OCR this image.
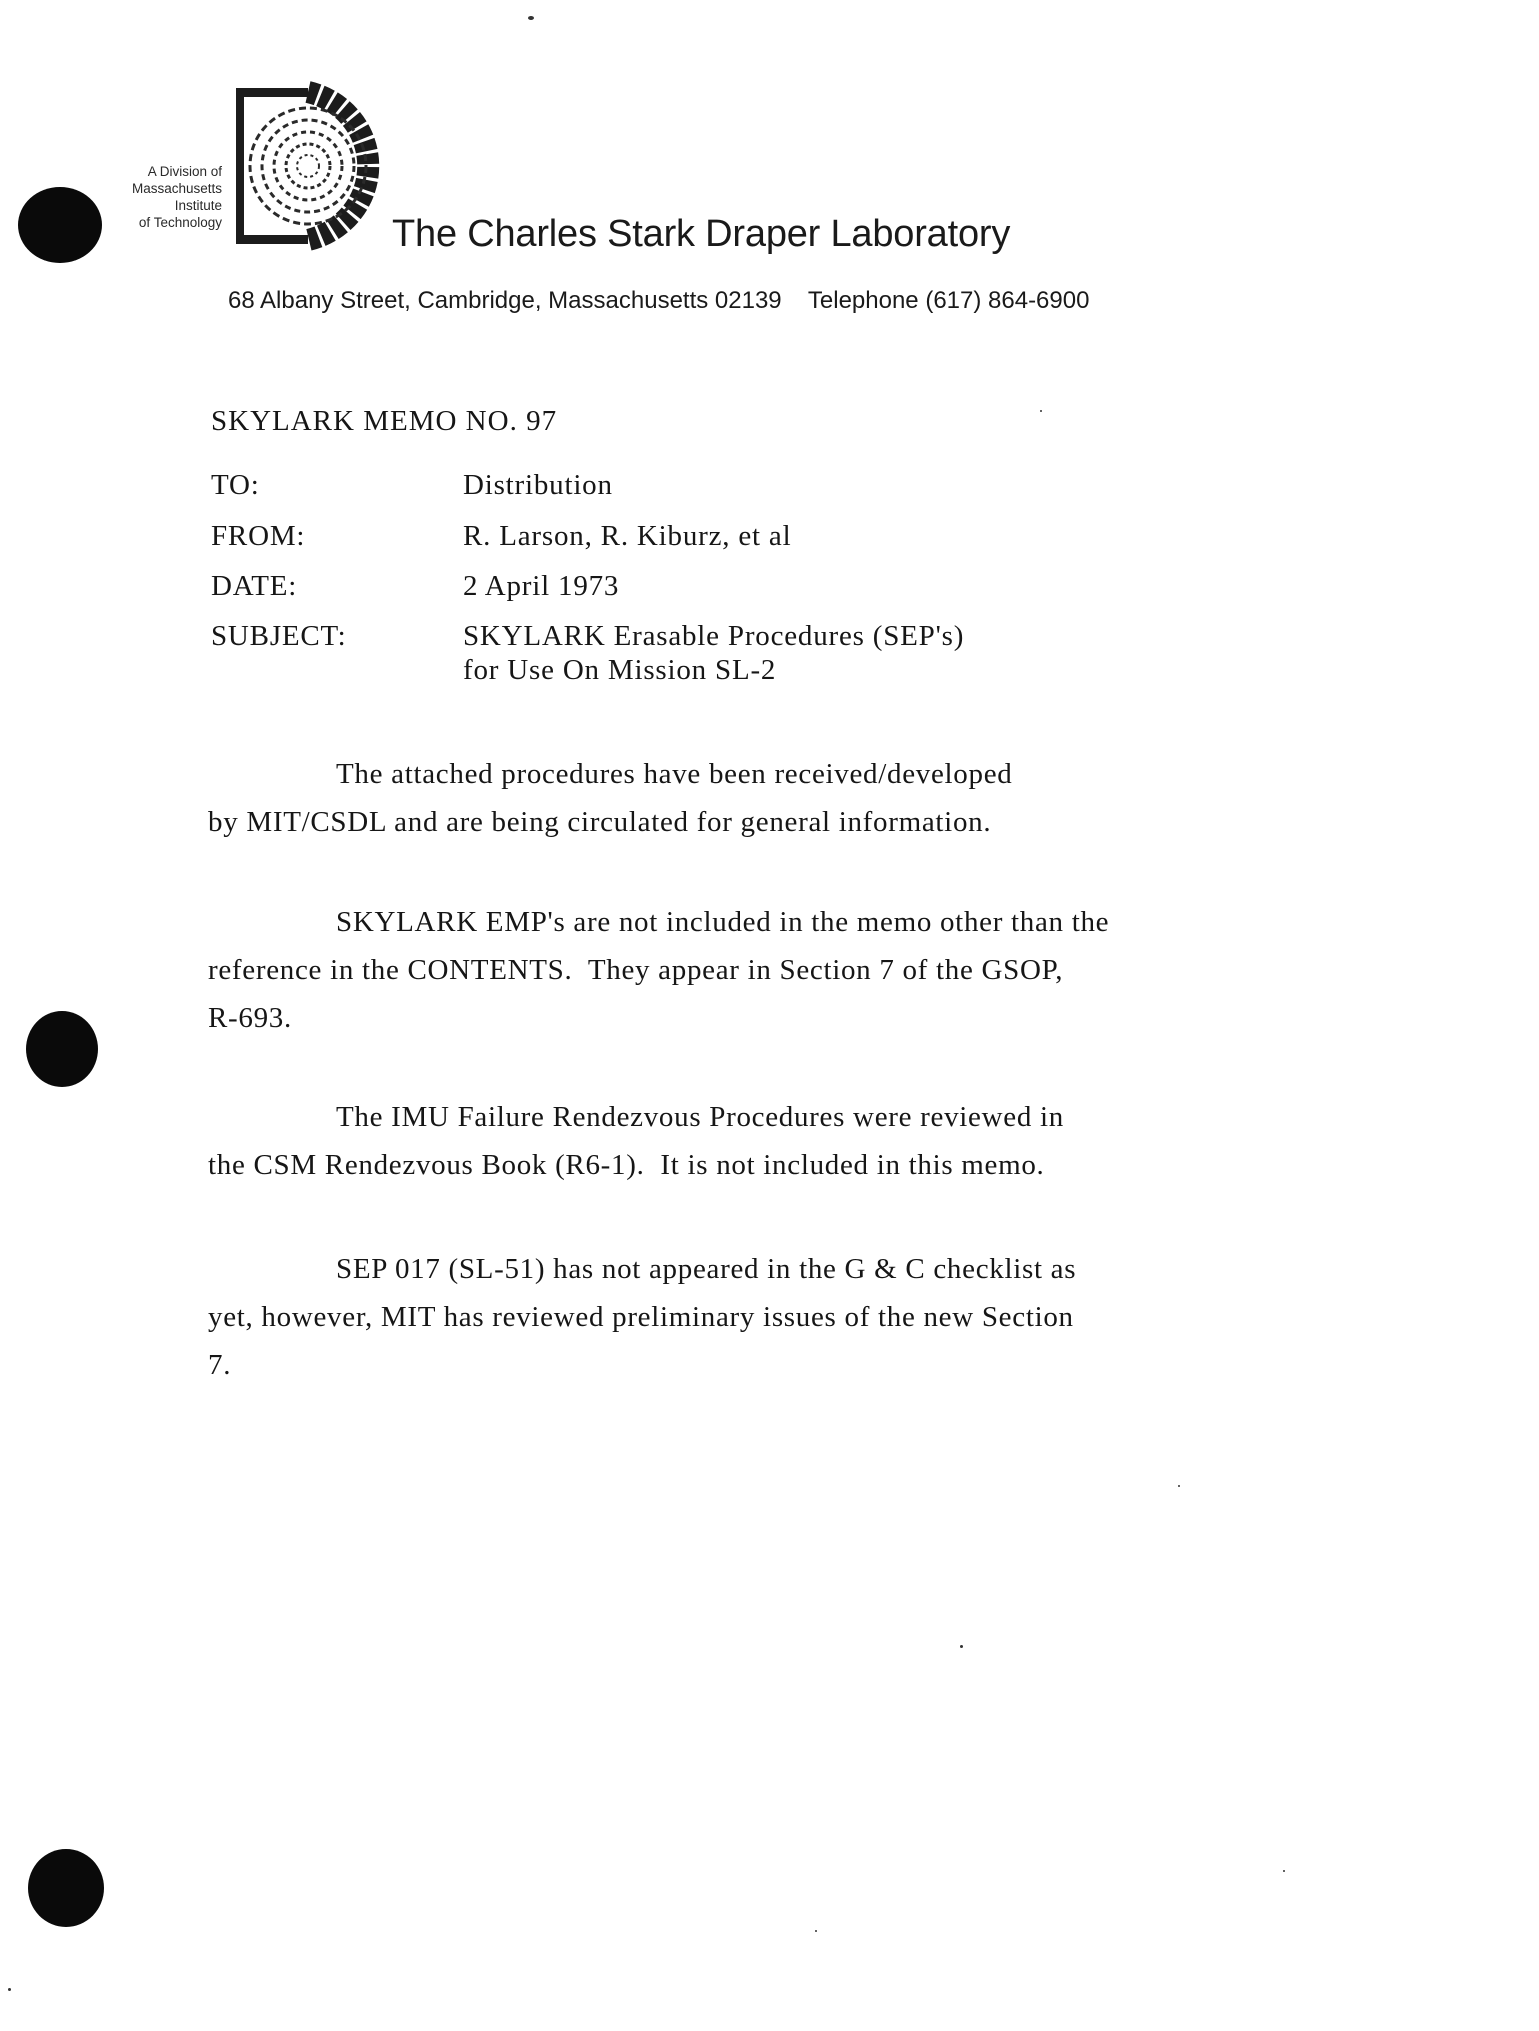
A Division of
Massachusetts
Institute
of Technology	The Charles Stark Draper Laboratory
68 Albany Street, Cambridge, Massachusetts 02139    Telephone (617) 864-6900
SKYLARK MEMO NO. 97
TO:	Distribution
FROM:	R. Larson, R. Kiburz, et al
DATE:	2 April 1973
SUBJECT:	SKYLARK Erasable Procedures (SEP's)
for Use On Mission SL-2
The attached procedures have been received/developed
by MIT/CSDL and are being circulated for general information.
SKYLARK EMP's are not included in the memo other than the
reference in the CONTENTS.  They appear in Section 7 of the GSOP,
R-693.
The IMU Failure Rendezvous Procedures were reviewed in
the CSM Rendezvous Book (R6-1).  It is not included in this memo.
SEP 017 (SL-51) has not appeared in the G & C checklist as
yet, however, MIT has reviewed preliminary issues of the new Section
7.
